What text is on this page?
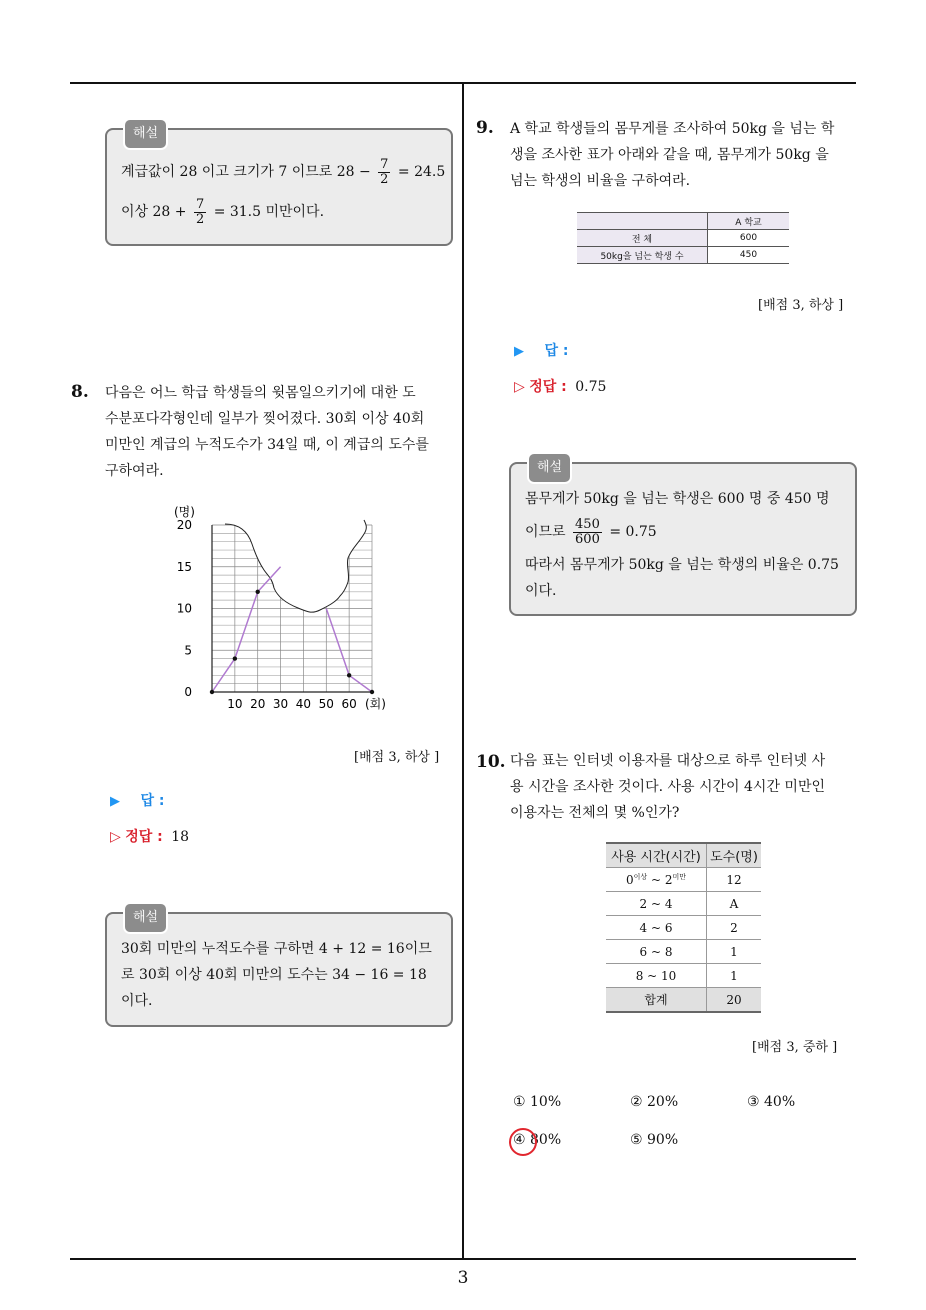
해설
계급값이 28 이고 크기가 7 이므로 $28 - \frac{7}{2} = 24.5$
이상 $28 + \frac{7}{2} = 31.5$ 미만이다.
8. 다음은 어느 학급 학생들의 윗몸일으키기에 대한 도

수분포다각형인데 일부가 찢어졌다. 30회 이상 40회

미만인 계급의 누적도수가 34일 때, 이 계급의 도수를

구하여라.

20
15
10
5
0
10 20 30 40 50 60
(명)
(회)
[배점 3, 하상 ]
▶ 답 :
▷ 정답 : 18
해설
30회 미만의 누적도수를 구하면 4 + 12 = 16이므
로 30회 이상 40회 미만의 도수는 34 − 16 = 18
이다.
9. A 학교 학생들의 몸무게를 조사하여 50kg 을 넘는 학

생을 조사한 표가 아래와 같을 때, 몸무게가 50kg 을

넘는 학생의 비율을 구하여라.

	A 학교
전 체	600
50kg을 넘는 학생 수	450
[배점 3, 하상 ]
▶ 답 :
▷ 정답 : 0.75
해설
몸무게가 50kg 을 넘는 학생은 600 명 중 450 명
이므로 $\frac{450}{600} = 0.75$
따라서 몸무게가 50kg 을 넘는 학생의 비율은 0.75
이다.
10. 다음 표는 인터넷 이용자를 대상으로 하루 인터넷 사

용 시간을 조사한 것이다. 사용 시간이 4시간 미만인

이용자는 전체의 몇 %인가?

사용 시간(시간)	도수(명)
$0^{이상}$ ~ $2^{미만}$	12
2 ~ 4	A
4 ~ 6	2
6 ~ 8	1
8 ~ 10	1
합계	20
[배점 3, 중하 ]
① 10%	② 20%	③ 40%
④ 80%	⑤ 90%
3
